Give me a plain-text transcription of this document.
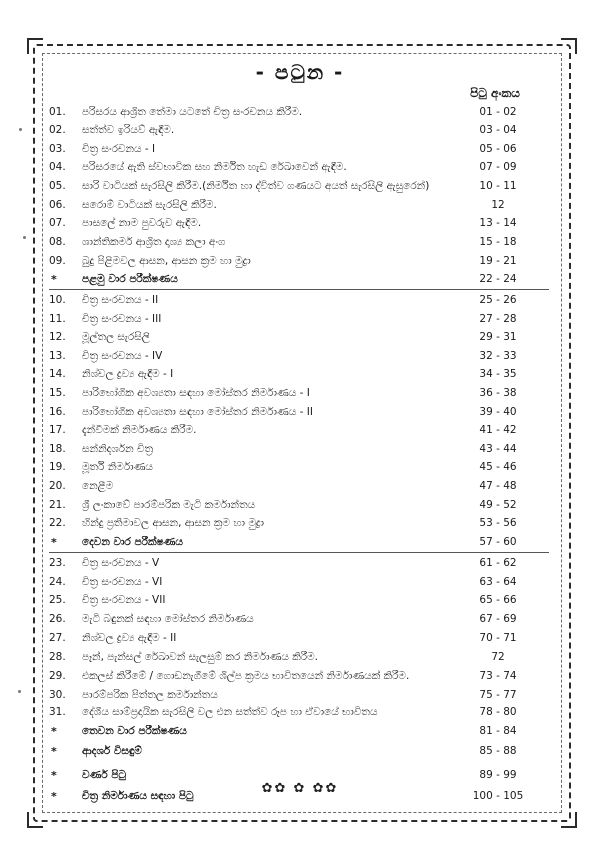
- පටුන -
පිටු අංකය
01.	පරිසරය ආශ්‍රිත තේමා යටතේ චිත්‍ර සංරචනය කිරීම.	01 - 02
02.	සත්ත්ව ඉරියව් ඇඳීම.	03 - 04
03.	චිත්‍ර සංරචනය - I	05 - 06
04.	පරිසරයේ ඇති ස්වභාවික සහ නිර්මිත හැඩ රේඛාවෙන් ඇඳීම.	07 - 09
05.	සාරි වාටියක් සැරසිලි කිරීම.(නිර්මිත හා ද්විත්ව ගණයට අයත් සැරසිලි ඇසුරෙන්)	10 - 11
06.	සරොම් වාටියක් සැරසිලි කිරීම.	12
07.	පාසලේ නාම පුවරුව ඇඳීම.	13 - 14
08.	ශාන්තිකර්ම ආශ්‍රිත දෘශ්‍ය කලා අංග	15 - 18
09.	බුදු පිළිමවල ආසන, ආසන ක්‍රම හා මුද්‍රා	19 - 21
* පළමු වාර පරීක්ෂණය	22 - 24
10.	චිත්‍ර සංරචනය - II	25 - 26
11.	චිත්‍ර සංරචනය - III	27 - 28
12.	මූල්තල සැරසිලි	29 - 31
13.	චිත්‍ර සංරචනය - IV	32 - 33
14.	නිශ්චල ද්‍රව්‍ය ඇඳීම - I	34 - 35
15.	පාරිභෝගික අවශ්‍යතා සඳහා මෝස්තර නිර්මාණය - I	36 - 38
16.	පාරිභෝගික අවශ්‍යතා සඳහා මෝස්තර නිර්මාණය - II	39 - 40
17.	දැන්වීමක් නිර්මාණය කිරීම.	41 - 42
18.	සන්නිදර්ශන චිත්‍ර	43 - 44
19.	මූර්ති නිර්මාණය	45 - 46
20.	නෙළීම	47 - 48
21.	ශ්‍රී ලංකාවේ පාරම්පරික මැටි කර්මාන්තය	49 - 52
22.	හින්දු ප්‍රතිමාවල ආසන, ආසන ක්‍රම හා මුද්‍රා	53 - 56
* දෙවන වාර පරීක්ෂණය	57 - 60
23.	චිත්‍ර සංරචනය - V	61 - 62
24.	චිත්‍ර සංරචනය - VI	63 - 64
25.	චිත්‍ර සංරචනය - VII	65 - 66
26.	මැටි බඳුනක් සඳහා මෝස්තර නිර්මාණය	67 - 69
27.	නිශ්චල ද්‍රව්‍ය ඇඳීම - II	70 - 71
28.	පෑන්, පැන්සල් රේඛාවන් සැලසුම් කර නිර්මාණය කිරීම.	72
29.	එකලස් කිරීමේ / ගොඩනැගීමේ ශිල්ප ක්‍රමය භාවිතයෙන් නිර්මාණයක් කිරීම.	73 - 74
30.	පාරම්පරික පිත්තල කර්මාන්තය	75 - 77
31.	දේශීය සාම්ප්‍රදායික සැරසිලි වල එන සත්ත්ව රූප හා ඒවායේ භාවිතය	78 - 80
* තෙවන වාර පරීක්ෂණය	81 - 84
* ආදර්ශ විසඳුම්	85 - 88
* වර්ණ පිටු	89 - 99
* චිත්‍ර නිර්මාණය සඳහා පිටු	100 - 105
✿✿ ✿ ✿✿
